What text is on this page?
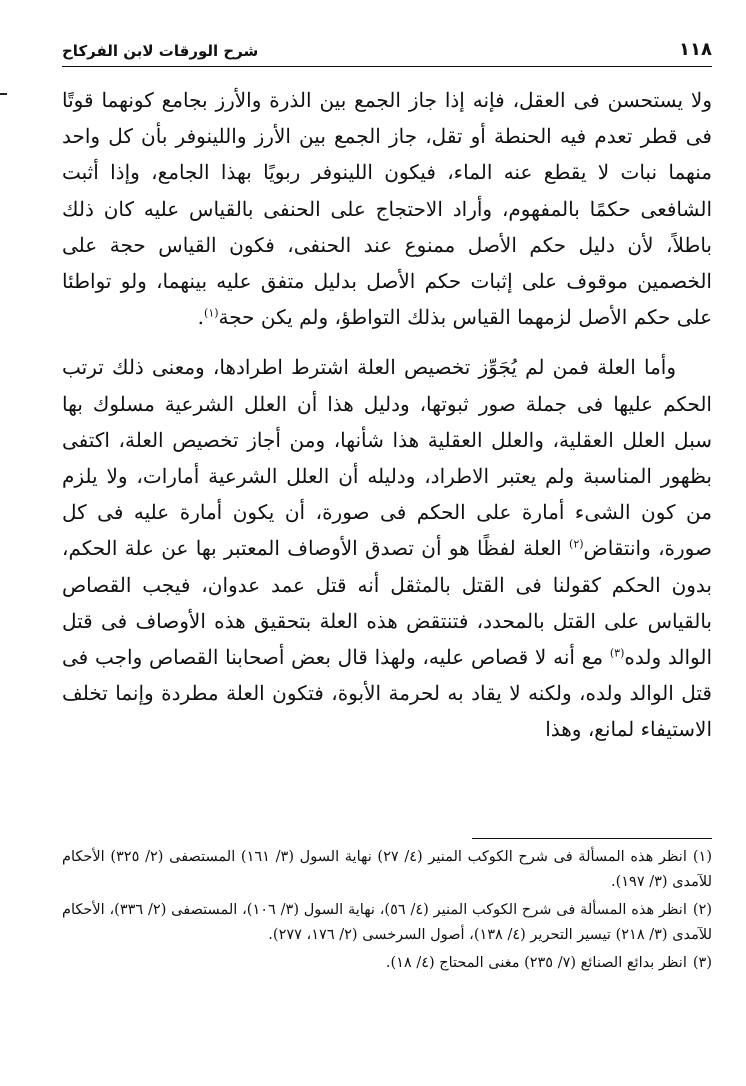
١١٨
شرح الورقات لابن الفركاح

ولا يستحسن فى العقل، فإنه إذا جاز الجمع بين الذرة والأرز بجامع كونهما قوتًا فى قطر تعدم فيه الحنطة أو تقل، جاز الجمع بين الأرز واللينوفر بأن كل واحد منهما نبات لا يقطع عنه الماء، فيكون اللينوفر ربويًا بهذا الجامع، وإذا أثبت الشافعى حكمًا بالمفهوم، وأراد الاحتجاج على الحنفى بالقياس عليه كان ذلك باطلاً، لأن دليل حكم الأصل ممنوع عند الحنفى، فكون القياس حجة على الخصمين موقوف على إثبات حكم الأصل بدليل متفق عليه بينهما، ولو تواطئا على حكم الأصل لزمهما القياس بذلك التواطؤ، ولم يكن حجة$^{(١)}$.

وأما العلة فمن لم يُجَوِّز تخصيص العلة اشترط اطرادها، ومعنى ذلك ترتب الحكم عليها فى جملة صور ثبوتها، ودليل هذا أن العلل الشرعية مسلوك بها سبل العلل العقلية، والعلل العقلية هذا شأنها، ومن أجاز تخصيص العلة، اكتفى بظهور المناسبة ولم يعتبر الاطراد، ودليله أن العلل الشرعية أمارات، ولا يلزم من كون الشىء أمارة على الحكم فى صورة، أن يكون أمارة عليه فى كل صورة، وانتقاض$^{(٢)}$ العلة لفظًا هو أن تصدق الأوصاف المعتبر بها عن علة الحكم، بدون الحكم كقولنا فى القتل بالمثقل أنه قتل عمد عدوان، فيجب القصاص بالقياس على القتل بالمحدد، فتنتقض هذه العلة بتحقيق هذه الأوصاف فى قتل الوالد ولده$^{(٣)}$ مع أنه لا قصاص عليه، ولهذا قال بعض أصحابنا القصاص واجب فى قتل الوالد ولده، ولكنه لا يقاد به لحرمة الأبوة، فتكون العلة مطردة وإنما تخلف الاستيفاء لمانع، وهذا

(١)انظر هذه المسألة فى شرح الكوكب المنير (٤/ ٢٧) نهاية السول (٣/ ١٦١) المستصفى (٢/ ٣٢٥) الأحكام للآمدى (٣/ ١٩٧).

(٢)انظر هذه المسألة فى شرح الكوكب المنير (٤/ ٥٦)، نهاية السول (٣/ ١٠٦)، المستصفى (٢/ ٣٣٦)، الأحكام للآمدى (٣/ ٢١٨) تيسير التحرير (٤/ ١٣٨)، أصول السرخسى (٢/ ١٧٦، ٢٧٧).

(٣)انظر بدائع الصنائع (٧/ ٢٣٥) مغنى المحتاج (٤/ ١٨).
